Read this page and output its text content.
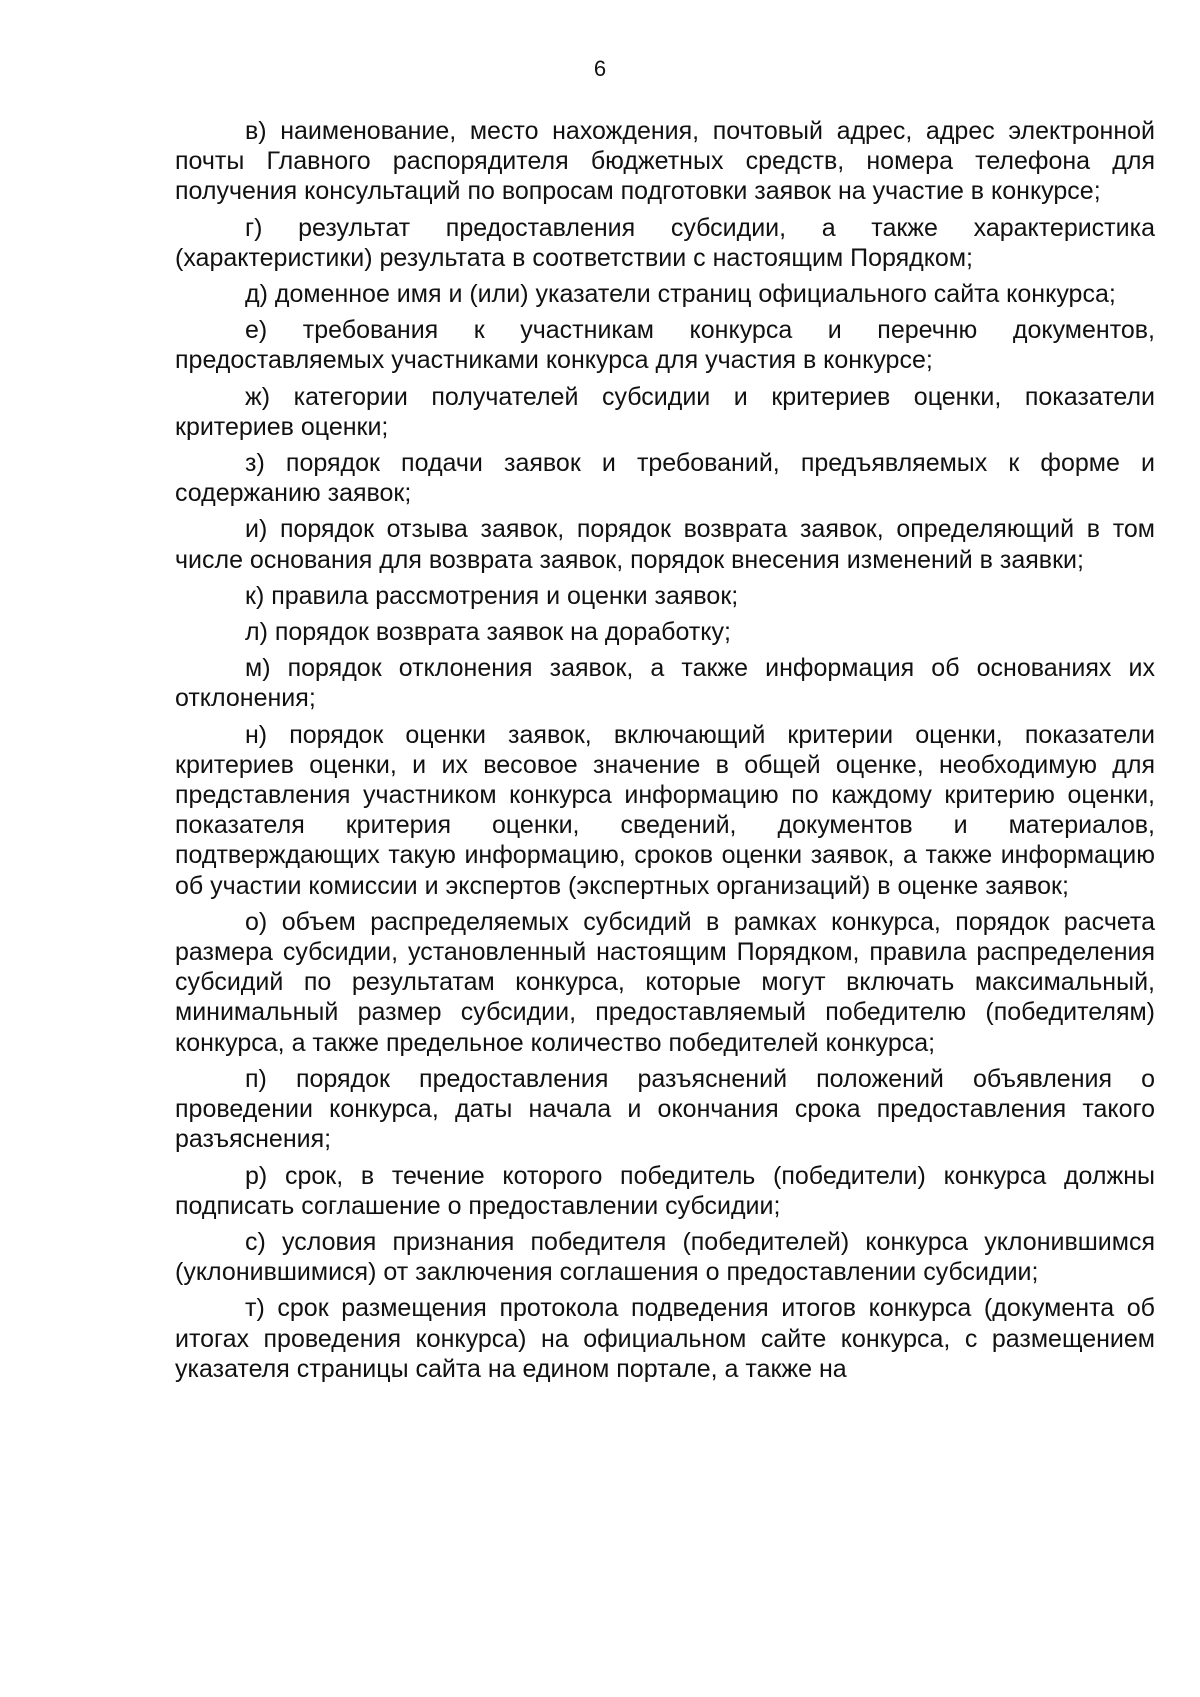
6

в) наименование, место нахождения, почтовый адрес, адрес электронной почты Главного распорядителя бюджетных средств, номера телефона для получения консультаций по вопросам подготовки заявок на участие в конкурсе;

г) результат предоставления субсидии, а также характеристика (характеристики) результата в соответствии с настоящим Порядком;

д) доменное имя и (или) указатели страниц официального сайта конкурса;

е) требования к участникам конкурса и перечню документов, предоставляемых участниками конкурса для участия в конкурсе;

ж) категории получателей субсидии и критериев оценки, показатели критериев оценки;

з) порядок подачи заявок и требований, предъявляемых к форме и содержанию заявок;

и) порядок отзыва заявок, порядок возврата заявок, определяющий в том числе основания для возврата заявок, порядок внесения изменений в заявки;

к) правила рассмотрения и оценки заявок;

л) порядок возврата заявок на доработку;

м) порядок отклонения заявок, а также информация об основаниях их отклонения;

н) порядок оценки заявок, включающий критерии оценки, показатели критериев оценки, и их весовое значение в общей оценке, необходимую для представления участником конкурса информацию по каждому критерию оценки, показателя критерия оценки, сведений, документов и материалов, подтверждающих такую информацию, сроков оценки заявок, а также информацию об участии комиссии и экспертов (экспертных организаций) в оценке заявок;

о) объем распределяемых субсидий в рамках конкурса, порядок расчета размера субсидии, установленный настоящим Порядком, правила распределения субсидий по результатам конкурса, которые могут включать максимальный, минимальный размер субсидии, предоставляемый победителю (победителям) конкурса, а также предельное количество победителей конкурса;

п) порядок предоставления разъяснений положений объявления о проведении конкурса, даты начала и окончания срока предоставления такого разъяснения;

р) срок, в течение которого победитель (победители) конкурса должны подписать соглашение о предоставлении субсидии;

с) условия признания победителя (победителей) конкурса уклонившимся (уклонившимися) от заключения соглашения о предоставлении субсидии;

т) срок размещения протокола подведения итогов конкурса (документа об итогах проведения конкурса) на официальном сайте конкурса, с размещением указателя страницы сайта на едином портале, а также на
